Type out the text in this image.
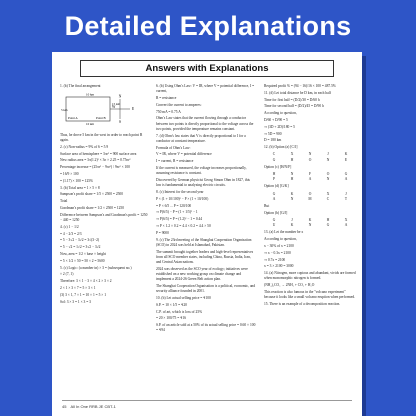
Detailed Explanations
Answers with Explanations

1. (b) The final arrangement

N
S
W	E
10 km
15 km
10 km
5 km
Point A	Point B

Thus, he drove 5 km in the west in order to reach point B again.

2. (c) Non-radius = 9% of 6 = 5.9

Surface area of hemisphere = 3πr² = 900 surface area

New radius area = 3π(1.2)² × 3π × 2.25 = 0.75πr²

Percentage increase = (25πr² − 9πr²) / 9πr² × 100

= 16/9 × 100

= (1.17) × 100 = 125%

3. (b) Total area = 1 × 5 × 8

Sampson's profit share = 1/5 × 2500 = 2500

Total

Goodman's profit share = 1/2 × 2500 = 1250

Difference between Sampson's and Goodman's profit = 1250 − 440 = 1250

4. (c) 1 − 1/2

= 4 − 2/3 = 2/3

= 5 − 3√2 − 3√2 = 3√(3−2)

= 5 − √2 = 1√2 = 3√2 − 3√2

Now, area = 1/2 × base × height

= 5 × 1/2 × 50 = 50 × 2 = 5600

5. (c) Logic: (a number in) × 3 = (subsequent no.)

× 2 (7, 1)

Therefore: 3 × 1 − 3 × 4 × 2 × 3 × 2

2 × 1 × 3 × 7 = 5 × 3 × 1

(3) 3 × 1, 7 × 1 = 10 × 1 = 5 × 1

Sol: 3 × 3 = 1 × 3 = 3

6. (b) Using Ohm's Law: V = IR, where V = potential difference, I = current,

R = resistance

Convert the current to amperes:

750 mA = 0.75 A

Ohm's Law states that the current flowing through a conductor between two points is directly proportional to the voltage across the two points, provided the temperature remains constant.

7. (d) Ohm's law states that V is directly proportional to I for a conductor at constant temperature.

Formula of Ohm's Law:

V = IR, where V = potential difference

I = current, R = resistance

If the current is measured, the voltage increases proportionally, assuming resistance is constant.

Discovered by German physicist Georg Simon Ohm in 1827, this law is fundamental to analyzing electric circuits.

8. (c) Interest for the second year

P × (1 + 10/100)² − P × (1 + 10/100)

= P × 6/5 ... P = 120/100

⇒ P(6/5) − P = (1 + 1/5)² − 1

⇒ P(6/5) = P = (1.2)² − 1 = 0.44

⇒ P × 1.2 × 0.2 = 4.4 × 0.2 = 4.4 × 50

P = 9000

9. (c) The 23rd meeting of the Shanghai Cooperation Organisation (SCO) in 2024 was held at Islamabad, Pakistan.

The summit brought together leaders and high-level representatives from all SCO member states, including China, Russia, India, Iran, and Central Asian nations.

2024 was observed as the SCO year of ecology; initiatives were established on a new working group on climate change and implement a 2024-26 Green Belt action plan.

The Shanghai Cooperation Organisation is a political, economic, and security alliance founded in 2001.

10. (b) Let actual selling price = ₹100

S.P. = 10 × 1/5 = ₹20

C.P. of art, which is loss of 25%

= 20 × 100/75 = ₹16

S.P. of an article sold at a 50% of its actual selling price = 0.60 × 100 = ₹94

Required profit % = (94 − 16)/16 × 100 = 487.5%

11. (d) Let total distance be D km, in each half

Time for first half = (D/2)/30 = D/60 h

Time for second half = (D/2)/45 = D/90 h

According to question,

D/60 + D/90 = 5

⇒ (3D + 2D)/180 = 5

⇒ 5D = 900

D = 180 km

12. (b) Option (a) [C/J]

C	X	N	J	K
G	H	O	N	E

Option (c) [H/N/F]

H	N	F	O	G
P	H	A	N	A

Option (d) [G/K]

G	K	O	X	J
A	N	M	C	T

But

Option (b) [G/J]

G	J	K	H	X
U	K	N	G	A

13. (a) Let the number be x

According to question,

x − 30% of x = 2100

⇒ x − 0.3x = 2100

⇒ 0.7x = 2100

x = 3 × 2100 = 3000

14. (a) Nitrogen, more copious and abundant, vivids are formed when monomorphic nitrogen is formed.

(NH₄)₂CO₃ → 2NH₃ + CO₂ + H₂O

This reaction is also famous in the "volcano experiment" because it looks like a small volcano eruption when performed.

15. There is an example of a decomposition reaction.

45 All In One RRB JE CBT-1
